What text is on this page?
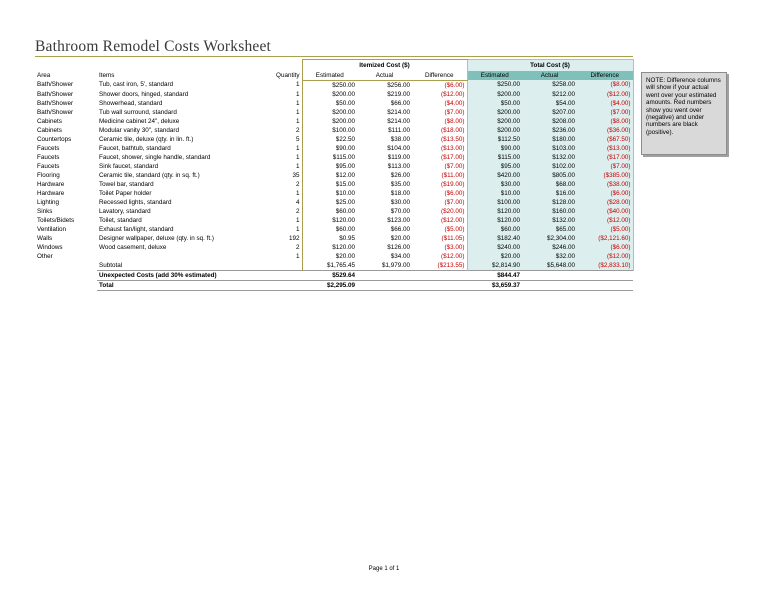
Bathroom Remodel Costs Worksheet
			Itemized Cost ($)			Total Cost ($)		
Area	Items	Quantity	Estimated	Actual	Difference	Estimated	Actual	Difference
Bath/Shower	Tub, cast iron, 5', standard	1	$250.00	$256.00	($6.00)	$250.00	$258.00	($8.00)
Bath/Shower	Shower doors, hinged, standard	1	$200.00	$219.00	($12.00)	$200.00	$212.00	($12.00)
Bath/Shower	Showerhead, standard	1	$50.00	$66.00	($4.00)	$50.00	$54.00	($4.00)
Bath/Shower	Tub wall surround, standard	1	$200.00	$214.00	($7.00)	$200.00	$207.00	($7.00)
Cabinets	Medicine cabinet 24", deluxe	1	$200.00	$214.00	($8.00)	$200.00	$208.00	($8.00)
Cabinets	Modular vanity 30", standard	2	$100.00	$111.00	($18.00)	$200.00	$236.00	($36.00)
Countertops	Ceramic tile, deluxe (qty. in lin. ft.)	5	$22.50	$38.00	($13.50)	$112.50	$180.00	($67.50)
Faucets	Faucet, bathtub, standard	1	$90.00	$104.00	($13.00)	$90.00	$103.00	($13.00)
Faucets	Faucet, shower, single handle, standard	1	$115.00	$119.00	($17.00)	$115.00	$132.00	($17.00)
Faucets	Sink faucet, standard	1	$95.00	$113.00	($7.00)	$95.00	$102.00	($7.00)
Flooring	Ceramic tile, standard (qty. in sq. ft.)	35	$12.00	$26.00	($11.00)	$420.00	$805.00	($385.00)
Hardware	Towel bar, standard	2	$15.00	$35.00	($19.00)	$30.00	$68.00	($38.00)
Hardware	Toilet Paper holder	1	$10.00	$18.00	($6.00)	$10.00	$16.00	($6.00)
Lighting	Recessed lights, standard	4	$25.00	$30.00	($7.00)	$100.00	$128.00	($28.00)
Sinks	Lavatory, standard	2	$60.00	$70.00	($20.00)	$120.00	$160.00	($40.00)
Toilets/Bidets	Toilet, standard	1	$120.00	$123.00	($12.00)	$120.00	$132.00	($12.00)
Ventilation	Exhaust fan/light, standard	1	$60.00	$66.00	($5.00)	$60.00	$65.00	($5.00)
Walls	Designer wallpaper, deluxe (qty. in sq. ft.)	192	$0.95	$20.00	($11.05)	$182.40	$2,304.00	($2,121.60)
Windows	Wood casement, deluxe	2	$120.00	$126.00	($3.00)	$240.00	$246.00	($6.00)
Other		1	$20.00	$34.00	($12.00)	$20.00	$32.00	($12.00)
	Subtotal		$1,765.45	$1,979.00	($213.55)	$2,814.90	$5,648.00	($2,833.10)
	Unexpected Costs (add 30% estimated)		$529.64			$844.47		
	Total		$2,295.09			$3,659.37		
NOTE: Difference columns will show if your actual went over your estimated amounts. Red numbers show you went over (negative) and under numbers are black (positive).
Page 1 of 1
